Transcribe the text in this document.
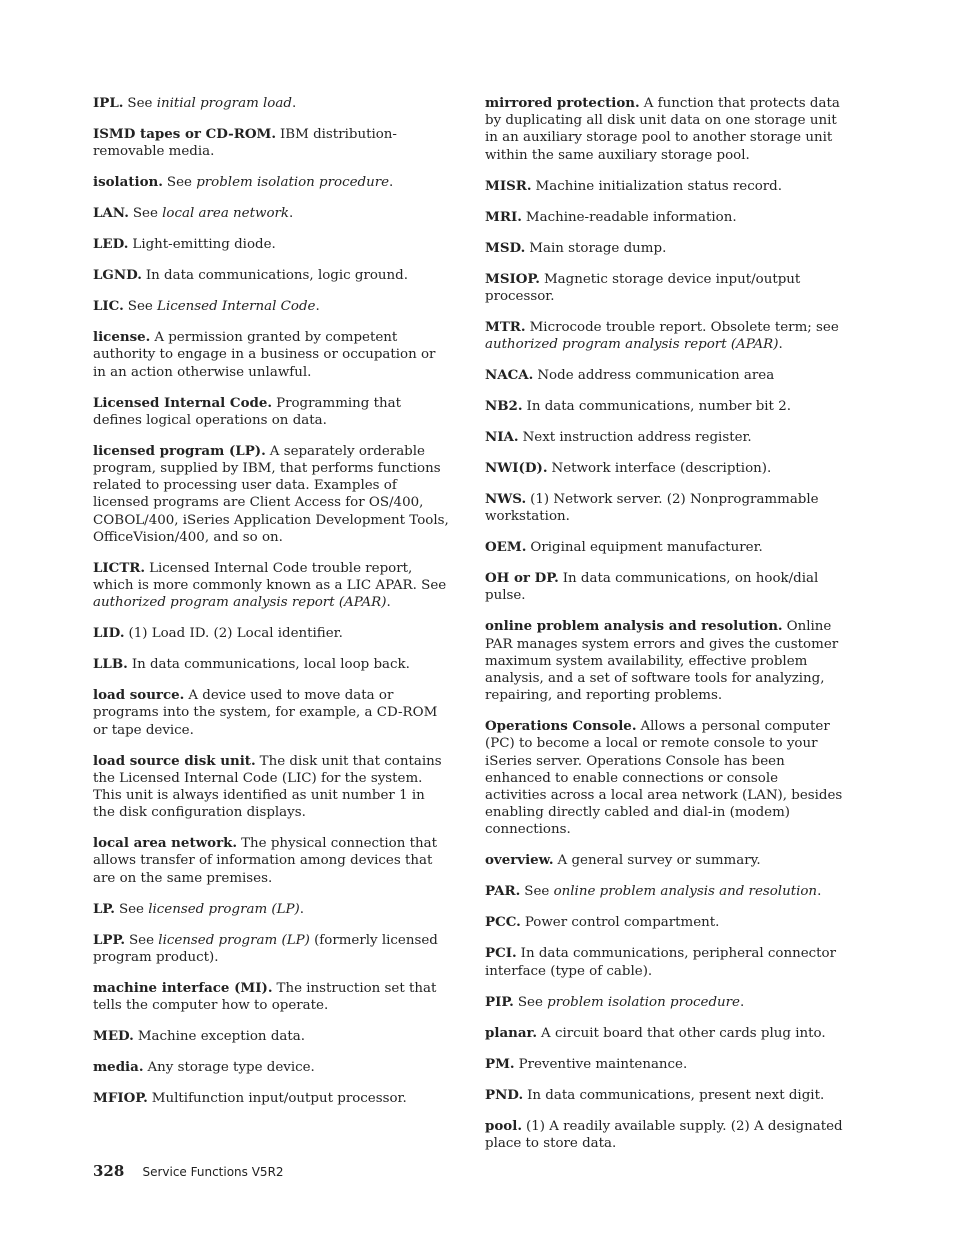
IPL. See initial program load.

ISMD tapes or CD-ROM. IBM distribution-removable media.

isolation. See problem isolation procedure.

LAN. See local area network.

LED. Light-emitting diode.

LGND. In data communications, logic ground.

LIC. See Licensed Internal Code.

license. A permission granted by competent authority to engage in a business or occupation or in an action otherwise unlawful.

Licensed Internal Code. Programming that defines logical operations on data.

licensed program (LP). A separately orderable program, supplied by IBM, that performs functions related to processing user data. Examples of licensed programs are Client Access for OS/400, COBOL/400, iSeries Application Development Tools, OfficeVision/400, and so on.

LICTR. Licensed Internal Code trouble report, which is more commonly known as a LIC APAR. See authorized program analysis report (APAR).

LID. (1) Load ID. (2) Local identifier.

LLB. In data communications, local loop back.

load source. A device used to move data or programs into the system, for example, a CD-ROM or tape device.

load source disk unit. The disk unit that contains the Licensed Internal Code (LIC) for the system. This unit is always identified as unit number 1 in the disk configuration displays.

local area network. The physical connection that allows transfer of information among devices that are on the same premises.

LP. See licensed program (LP).

LPP. See licensed program (LP) (formerly licensed program product).

machine interface (MI). The instruction set that tells the computer how to operate.

MED. Machine exception data.

media. Any storage type device.

MFIOP. Multifunction input/output processor.

mirrored protection. A function that protects data by duplicating all disk unit data on one storage unit in an auxiliary storage pool to another storage unit within the same auxiliary storage pool.

MISR. Machine initialization status record.

MRI. Machine-readable information.

MSD. Main storage dump.

MSIOP. Magnetic storage device input/output processor.

MTR. Microcode trouble report. Obsolete term; see authorized program analysis report (APAR).

NACA. Node address communication area

NB2. In data communications, number bit 2.

NIA. Next instruction address register.

NWI(D). Network interface (description).

NWS. (1) Network server. (2) Nonprogrammable workstation.

OEM. Original equipment manufacturer.

OH or DP. In data communications, on hook/dial pulse.

online problem analysis and resolution. Online PAR manages system errors and gives the customer maximum system availability, effective problem analysis, and a set of software tools for analyzing, repairing, and reporting problems.

Operations Console. Allows a personal computer (PC) to become a local or remote console to your iSeries server. Operations Console has been enhanced to enable connections or console activities across a local area network (LAN), besides enabling directly cabled and dial-in (modem) connections.

overview. A general survey or summary.

PAR. See online problem analysis and resolution.

PCC. Power control compartment.

PCI. In data communications, peripheral connector interface (type of cable).

PIP. See problem isolation procedure.

planar. A circuit board that other cards plug into.

PM. Preventive maintenance.

PND. In data communications, present next digit.

pool. (1) A readily available supply. (2) A designated place to store data.

328 Service Functions V5R2
